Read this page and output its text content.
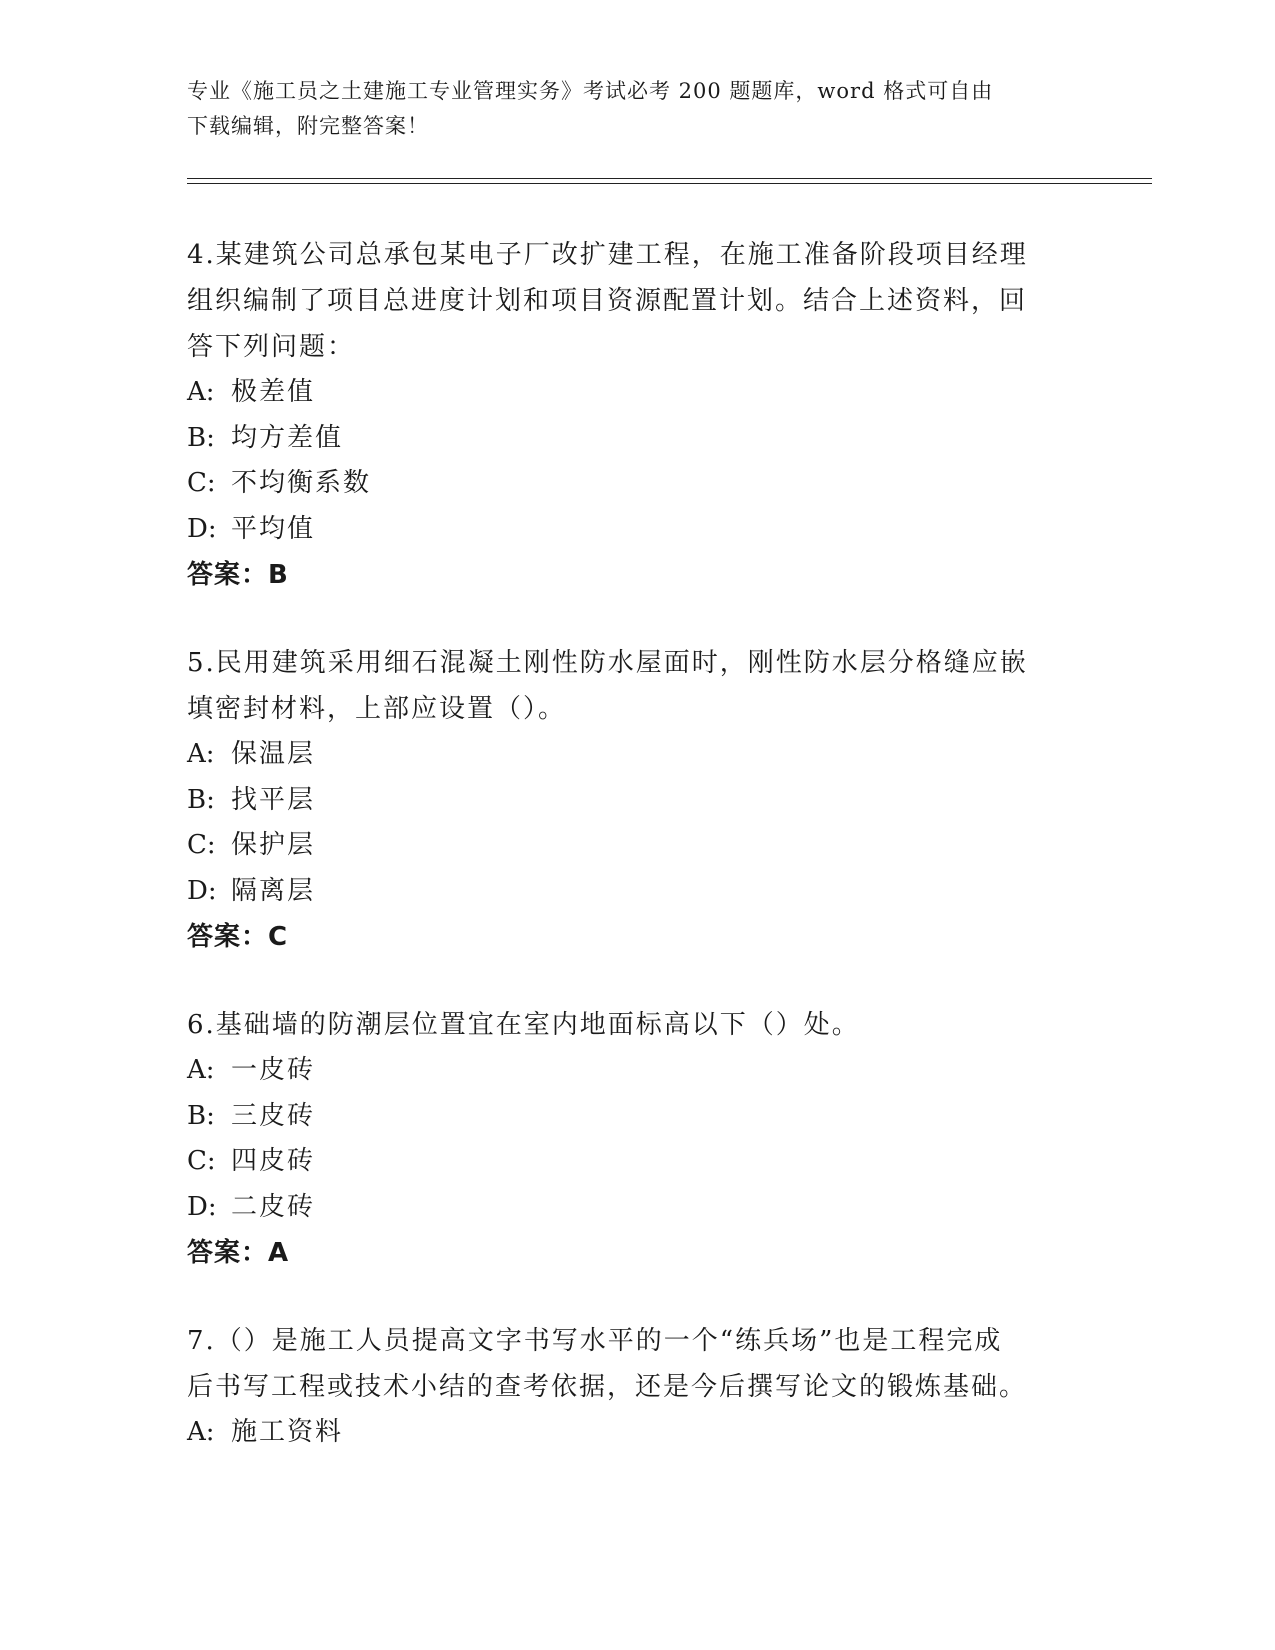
专业《施工员之土建施工专业管理实务》考试必考 200 题题库，word 格式可自由
下载编辑，附完整答案！
4.某建筑公司总承包某电子厂改扩建工程，在施工准备阶段项目经理
组织编制了项目总进度计划和项目资源配置计划。结合上述资料，回
答下列问题：
A: 极差值
B: 均方差值
C: 不均衡系数
D: 平均值
答案：B
5.民用建筑采用细石混凝土刚性防水屋面时，刚性防水层分格缝应嵌
填密封材料，上部应设置（）。
A: 保温层
B: 找平层
C: 保护层
D: 隔离层
答案：C
6.基础墙的防潮层位置宜在室内地面标高以下（）处。
A: 一皮砖
B: 三皮砖
C: 四皮砖
D: 二皮砖
答案：A
7.（）是施工人员提高文字书写水平的一个“练兵场”也是工程完成
后书写工程或技术小结的查考依据，还是今后撰写论文的锻炼基础。
A: 施工资料
